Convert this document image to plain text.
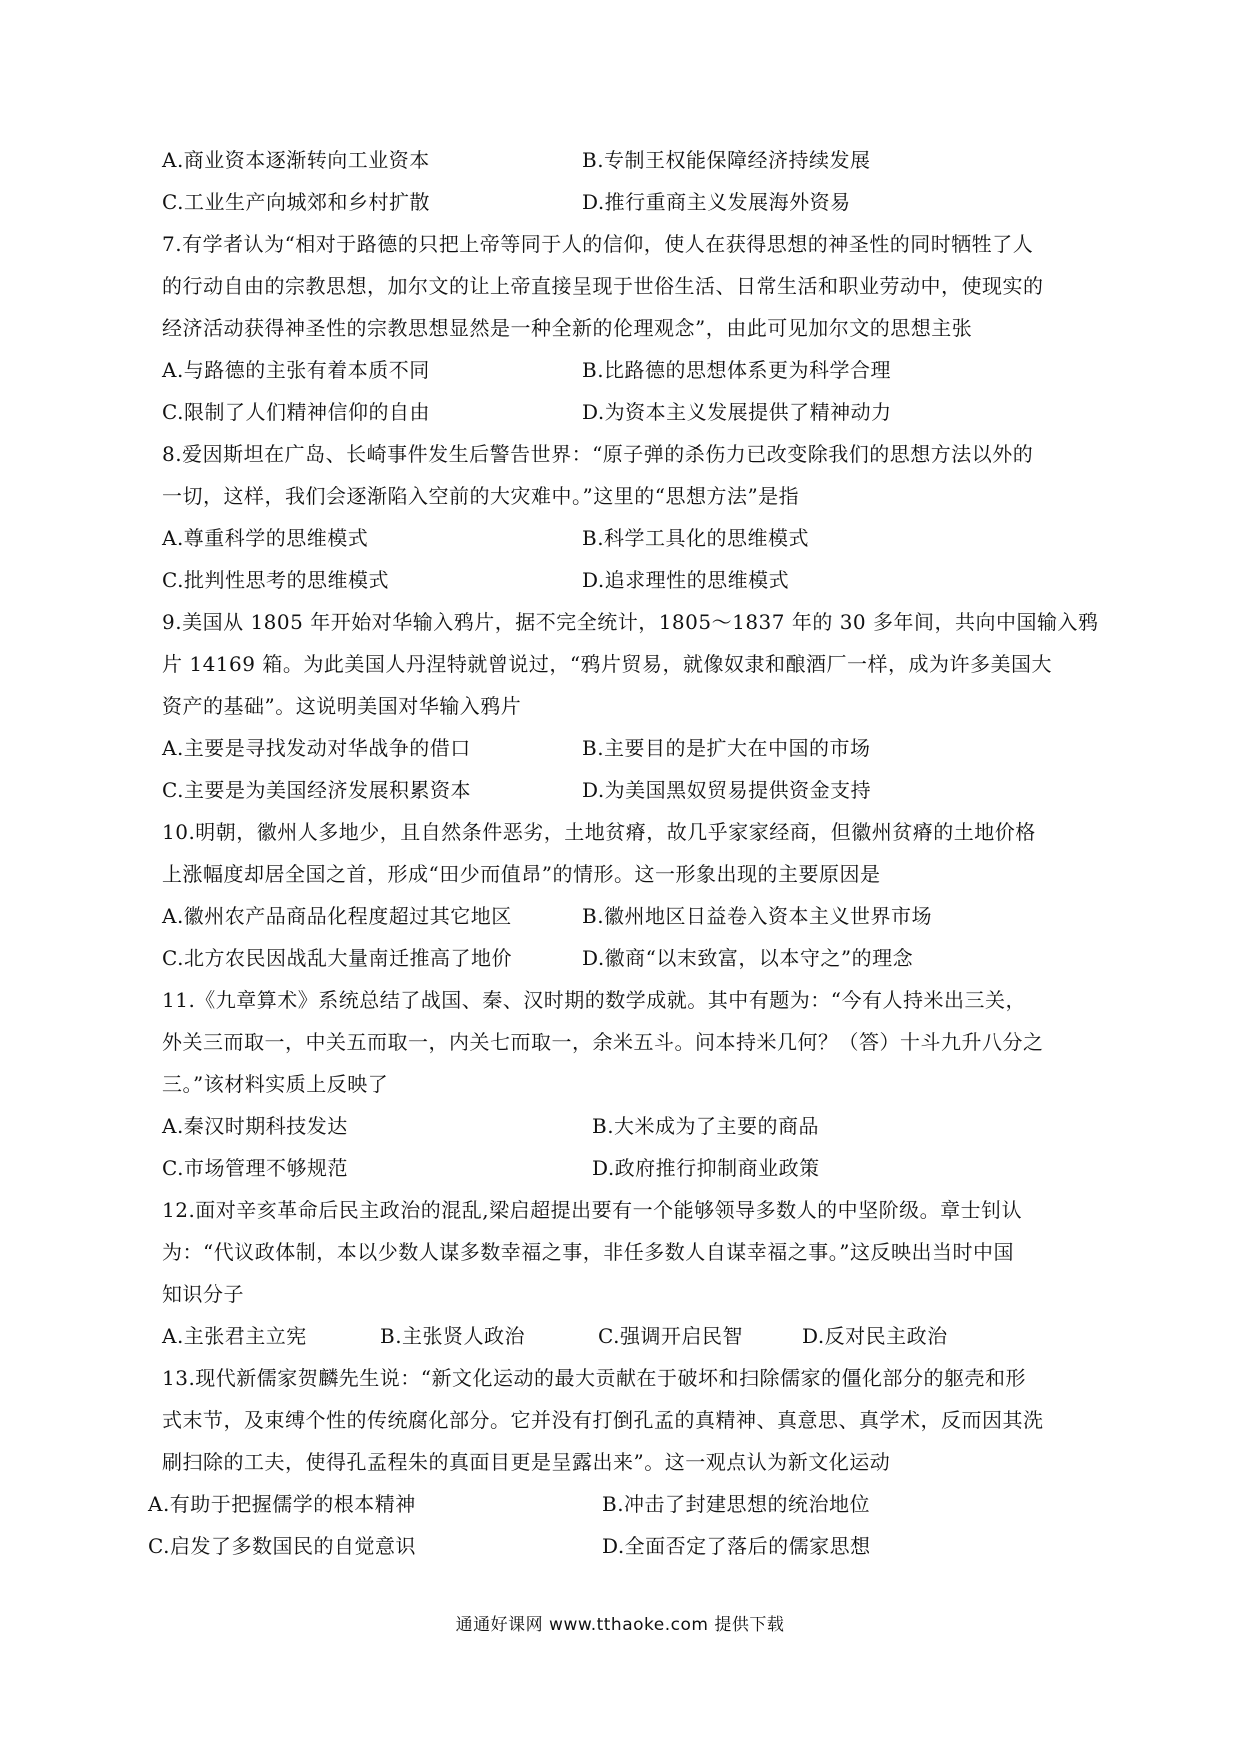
A.商业资本逐渐转向工业资本	B.专制王权能保障经济持续发展
C.工业生产向城郊和乡村扩散	D.推行重商主义发展海外资易
7.有学者认为“相对于路德的只把上帝等同于人的信仰，使人在获得思想的神圣性的同时牺牲了人
的行动自由的宗教思想，加尔文的让上帝直接呈现于世俗生活、日常生活和职业劳动中，使现实的
经济活动获得神圣性的宗教思想显然是一种全新的伦理观念”，由此可见加尔文的思想主张
A.与路德的主张有着本质不同	B.比路德的思想体系更为科学合理
C.限制了人们精神信仰的自由	D.为资本主义发展提供了精神动力
8.爱因斯坦在广岛、长崎事件发生后警告世界：“原子弹的杀伤力已改变除我们的思想方法以外的
一切，这样，我们会逐渐陷入空前的大灾难中。”这里的“思想方法”是指
A.尊重科学的思维模式	B.科学工具化的思维模式
C.批判性思考的思维模式	D.追求理性的思维模式
9.美国从 1805 年开始对华输入鸦片，据不完全统计，1805～1837 年的 30 多年间，共向中国输入鸦
片 14169 箱。为此美国人丹涅特就曾说过，“鸦片贸易，就像奴隶和酿酒厂一样，成为许多美国大
资产的基础”。这说明美国对华输入鸦片
A.主要是寻找发动对华战争的借口	B.主要目的是扩大在中国的市场
C.主要是为美国经济发展积累资本	D.为美国黑奴贸易提供资金支持
10.明朝，徽州人多地少，且自然条件恶劣，土地贫瘠，故几乎家家经商，但徽州贫瘠的土地价格
上涨幅度却居全国之首，形成“田少而值昂”的情形。这一形象出现的主要原因是
A.徽州农产品商品化程度超过其它地区	B.徽州地区日益卷入资本主义世界市场
C.北方农民因战乱大量南迁推高了地价	D.徽商“以末致富，以本守之”的理念
11.《九章算术》系统总结了战国、秦、汉时期的数学成就。其中有题为：“今有人持米出三关，
外关三而取一，中关五而取一，内关七而取一，余米五斗。问本持米几何？（答）十斗九升八分之
三。”该材料实质上反映了
A.秦汉时期科技发达	B.大米成为了主要的商品
C.市场管理不够规范	D.政府推行抑制商业政策
12.面对辛亥革命后民主政治的混乱,梁启超提出要有一个能够领导多数人的中坚阶级。章士钊认
为：“代议政体制，本以少数人谋多数幸福之事，非任多数人自谋幸福之事。”这反映出当时中国
知识分子
A.主张君主立宪	B.主张贤人政治	C.强调开启民智	D.反对民主政治
13.现代新儒家贺麟先生说：“新文化运动的最大贡献在于破坏和扫除儒家的僵化部分的躯壳和形
式末节，及束缚个性的传统腐化部分。它并没有打倒孔孟的真精神、真意思、真学术，反而因其洗
刷扫除的工夫，使得孔孟程朱的真面目更是呈露出来”。这一观点认为新文化运动
A.有助于把握儒学的根本精神	B.冲击了封建思想的统治地位
C.启发了多数国民的自觉意识	D.全面否定了落后的儒家思想
通通好课网 www.tthaoke.com 提供下载
